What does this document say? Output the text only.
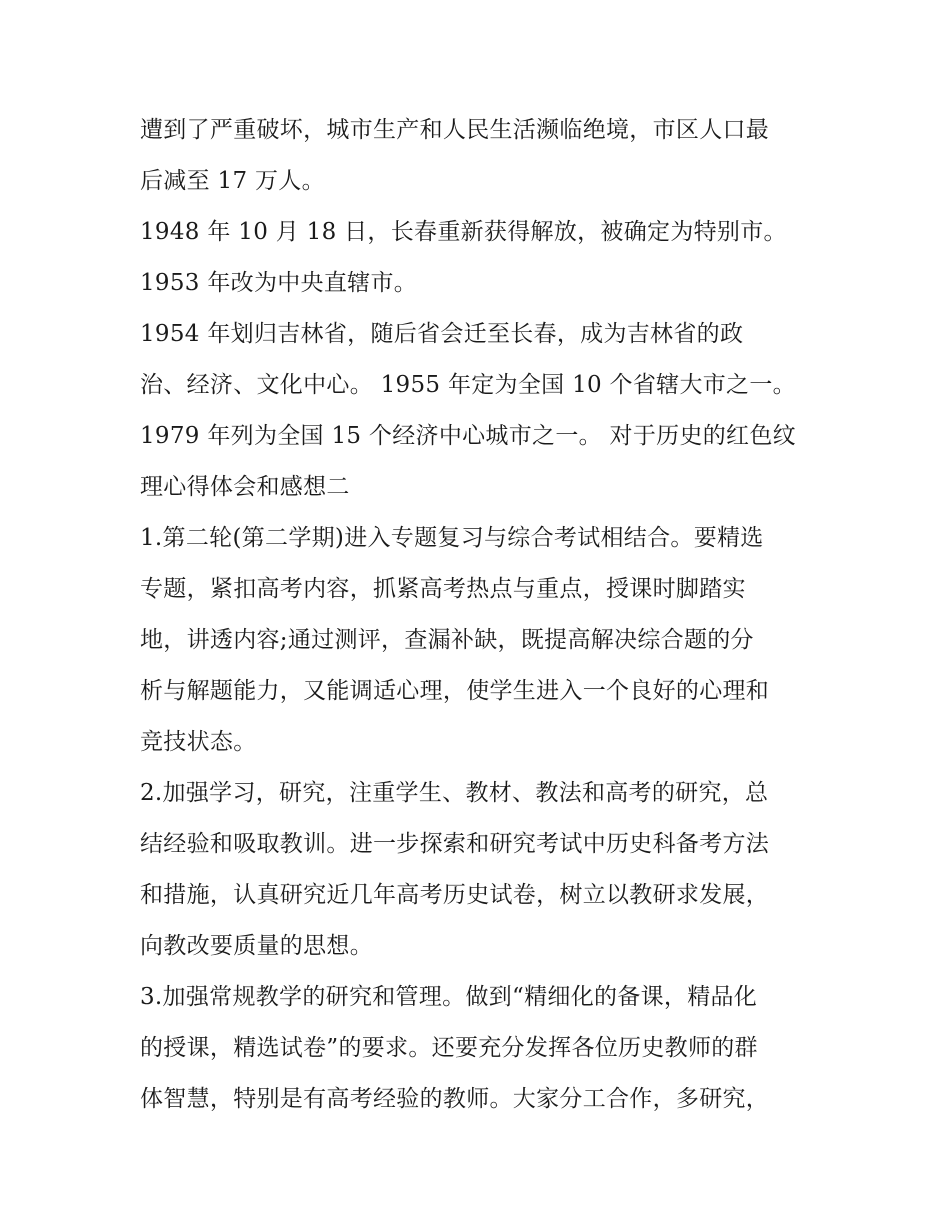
遭到了严重破坏，城市生产和人民生活濒临绝境，市区人口最
后减至 17 万人。
1948 年 10 月 18 日，长春重新获得解放，被确定为特别市。
1953 年改为中央直辖市。
1954 年划归吉林省，随后省会迁至长春，成为吉林省的政
治、经济、文化中心。 1955 年定为全国 10 个省辖大市之一。
1979 年列为全国 15 个经济中心城市之一。 对于历史的红色纹
理心得体会和感想二
1.第二轮(第二学期)进入专题复习与综合考试相结合。要精选
专题，紧扣高考内容，抓紧高考热点与重点，授课时脚踏实
地，讲透内容;通过测评，查漏补缺，既提高解决综合题的分
析与解题能力，又能调适心理，使学生进入一个良好的心理和
竞技状态。
2.加强学习，研究，注重学生、教材、教法和高考的研究，总
结经验和吸取教训。进一步探索和研究考试中历史科备考方法
和措施，认真研究近几年高考历史试卷，树立以教研求发展，
向教改要质量的思想。
3.加强常规教学的研究和管理。做到“精细化的备课，精品化
的授课，精选试卷”的要求。还要充分发挥各位历史教师的群
体智慧，特别是有高考经验的教师。大家分工合作，多研究，
